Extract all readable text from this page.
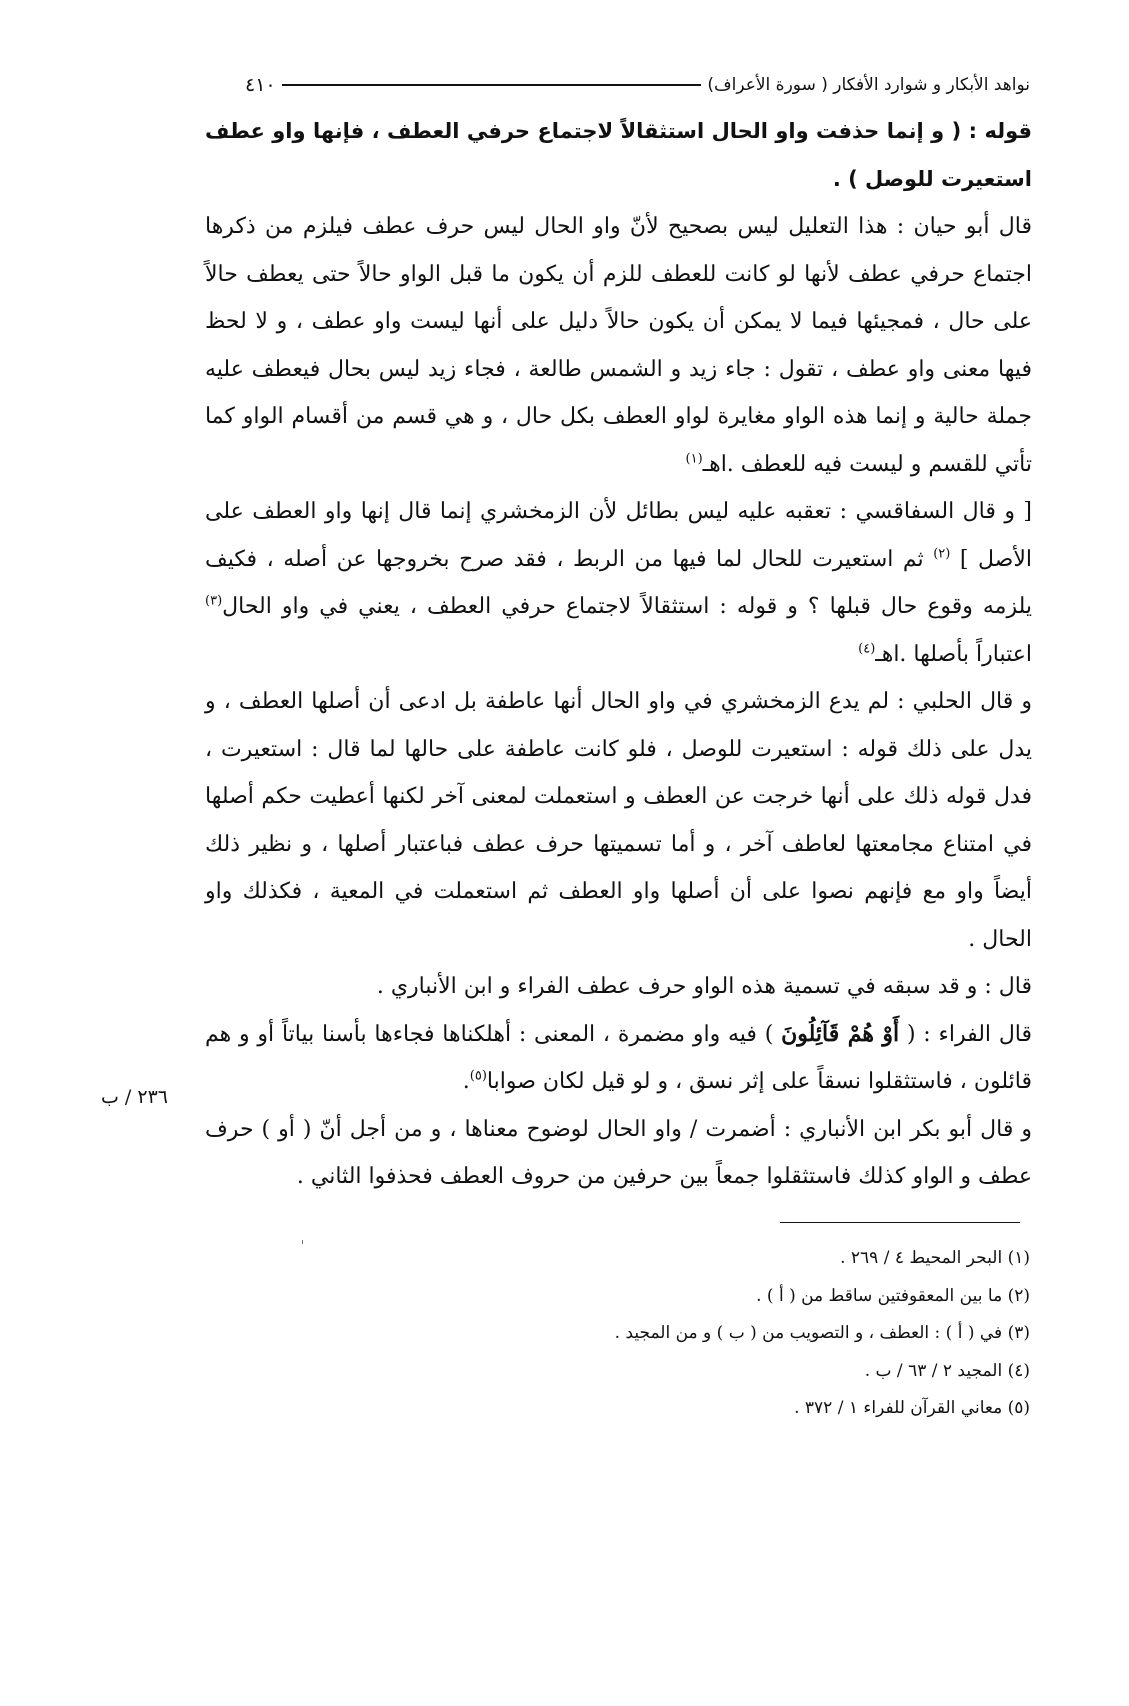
نواهد الأبكار و شوارد الأفكار ( سورة الأعراف)
٤١٠

قوله : ( و إنما حذفت واو الحال استثقالاً لاجتماع حرفي العطف ، فإنها واو عطف استعيرت للوصل ) .

قال أبو حيان : هذا التعليل ليس بصحيح لأنّ واو الحال ليس حرف عطف فيلزم من ذكرها اجتماع حرفي عطف لأنها لو كانت للعطف للزم أن يكون ما قبل الواو حالاً حتى يعطف حالاً على حال ، فمجيئها فيما لا يمكن أن يكون حالاً دليل على أنها ليست واو عطف ، و لا لحظ فيها معنى واو عطف ، تقول : جاء زيد و الشمس طالعة ، فجاء زيد ليس بحال فيعطف عليه جملة حالية و إنما هذه الواو مغايرة لواو العطف بكل حال ، و هي قسم من أقسام الواو كما تأتي للقسم و ليست فيه للعطف .اهـ$^{(١)}$

[ و قال السفاقسي : تعقبه عليه ليس بطائل لأن الزمخشري إنما قال إنها واو العطف على الأصل ] $^{(٢)}$ ثم استعيرت للحال لما فيها من الربط ، فقد صرح بخروجها عن أصله ، فكيف يلزمه وقوع حال قبلها ؟ و قوله : استثقالاً لاجتماع حرفي العطف ، يعني في واو الحال$^{(٣)}$ اعتباراً بأصلها .اهـ$^{(٤)}$

و قال الحلبي : لم يدع الزمخشري في واو الحال أنها عاطفة بل ادعى أن أصلها العطف ، و يدل على ذلك قوله : استعيرت للوصل ، فلو كانت عاطفة على حالها لما قال : استعيرت ، فدل قوله ذلك على أنها خرجت عن العطف و استعملت لمعنى آخر لكنها أعطيت حكم أصلها في امتناع مجامعتها لعاطف آخر ، و أما تسميتها حرف عطف فباعتبار أصلها ، و نظير ذلك أيضاً واو مع فإنهم نصوا على أن أصلها واو العطف ثم استعملت في المعية ، فكذلك واو الحال .

قال : و قد سبقه في تسمية هذه الواو حرف عطف الفراء و ابن الأنباري .

قال الفراء : ( أَوْ هُمْ قَآئِلُونَ ) فيه واو مضمرة ، المعنى : أهلكناها فجاءها بأسنا بياتاً أو و هم قائلون ، فاستثقلوا نسقاً على إثر نسق ، و لو قيل لكان صوابا$^{(٥)}$.

و قال أبو بكر ابن الأنباري : أضمرت / واو الحال لوضوح معناها ، و من أجل أنّ ( أو ) حرف عطف و الواو كذلك فاستثقلوا جمعاً بين حرفين من حروف العطف فحذفوا الثاني .

٢٣٦ / ب
(١) البحر المحيط ٤ / ٢٦٩ .
(٢) ما بين المعقوفتين ساقط من ( أ ) .
(٣) في ( أ ) : العطف ، و التصويب من ( ب ) و من المجيد .
(٤) المجيد ٢ / ٦٣ / ب .
(٥) معاني القرآن للفراء ١ / ٣٧٢ .
